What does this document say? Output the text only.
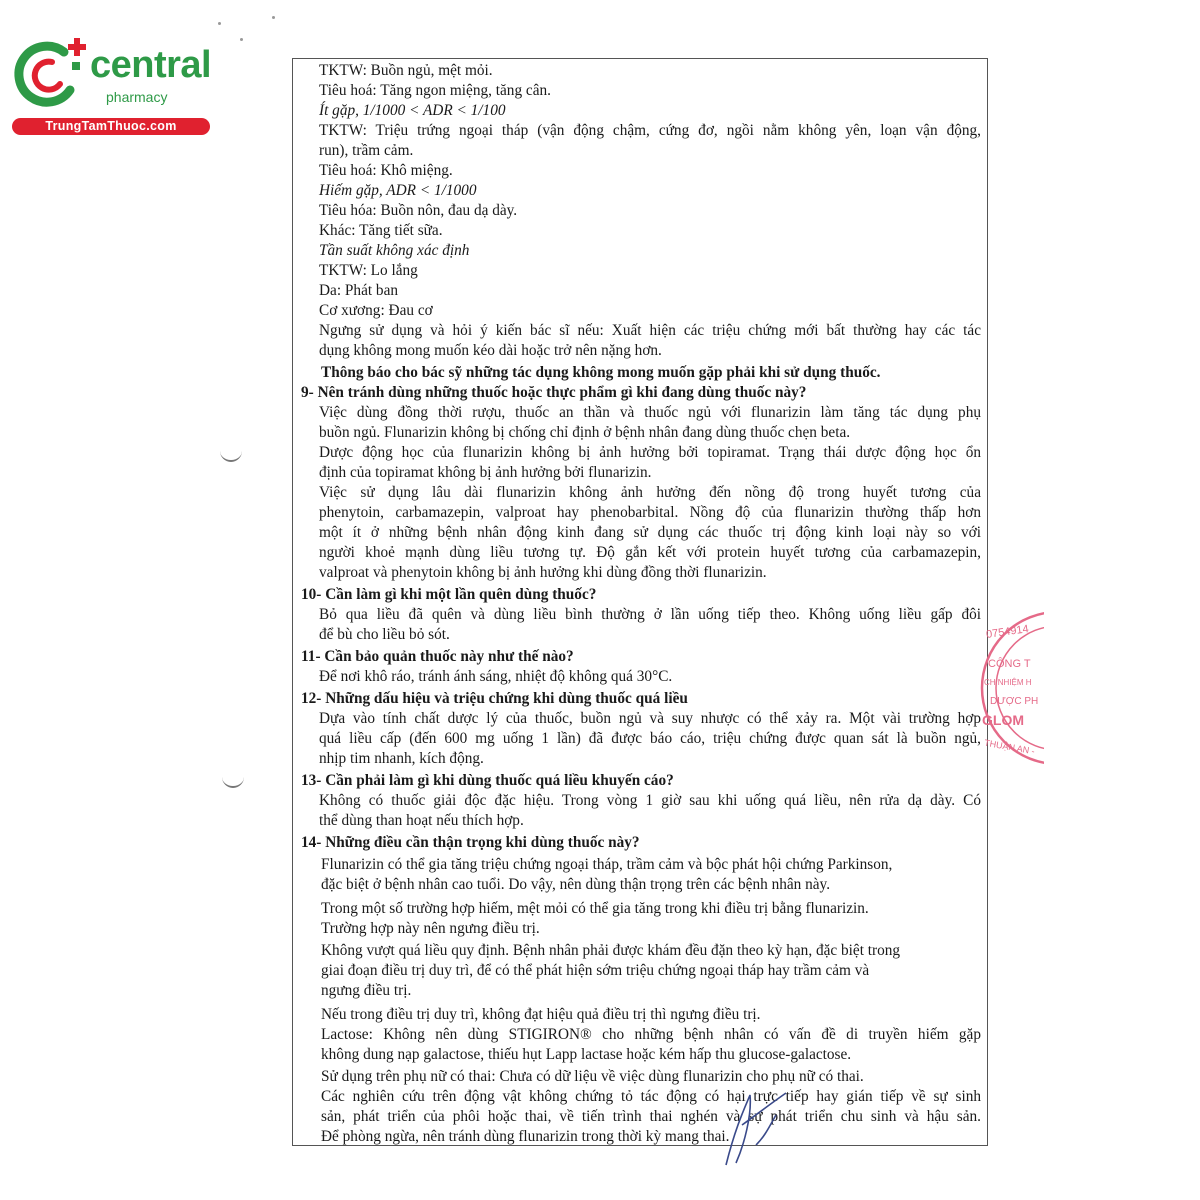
central
pharmacy
TrungTamThuoc.com
TKTW: Buồn ngủ, mệt mỏi.
Tiêu hoá: Tăng ngon miệng, tăng cân.
Ít gặp, 1/1000 < ADR < 1/100
TKTW: Triệu trứng ngoại tháp (vận động chậm, cứng đơ, ngồi nằm không yên, loạn vận động,
run), trầm cảm.
Tiêu hoá: Khô miệng.
Hiếm gặp, ADR < 1/1000
Tiêu hóa: Buồn nôn, đau dạ dày.
Khác: Tăng tiết sữa.
Tần suất không xác định
TKTW: Lo lắng
Da: Phát ban
Cơ xương: Đau cơ
Ngưng sử dụng và hỏi ý kiến bác sĩ nếu: Xuất hiện các triệu chứng mới bất thường hay các tác
dụng không mong muốn kéo dài hoặc trở nên nặng hơn.
Thông báo cho bác sỹ những tác dụng không mong muốn gặp phải khi sử dụng thuốc.
9- Nên tránh dùng những thuốc hoặc thực phẩm gì khi đang dùng thuốc này?
Việc dùng đồng thời rượu, thuốc an thần và thuốc ngủ với flunarizin làm tăng tác dụng phụ
buồn ngủ. Flunarizin không bị chống chỉ định ở bệnh nhân đang dùng thuốc chẹn beta.
Dược động học của flunarizin không bị ảnh hưởng bởi topiramat. Trạng thái dược động học ổn
định của topiramat không bị ảnh hưởng bởi flunarizin.
Việc sử dụng lâu dài flunarizin không ảnh hưởng đến nồng độ trong huyết tương của
phenytoin, carbamazepin, valproat hay phenobarbital. Nồng độ của flunarizin thường thấp hơn
một ít ở những bệnh nhân động kinh đang sử dụng các thuốc trị động kinh loại này so với
người khoẻ mạnh dùng liều tương tự. Độ gắn kết với protein huyết tương của carbamazepin,
valproat và phenytoin không bị ảnh hưởng khi dùng đồng thời flunarizin.
10- Cần làm gì khi một lần quên dùng thuốc?
Bỏ qua liều đã quên và dùng liều bình thường ở lần uống tiếp theo. Không uống liều gấp đôi
để bù cho liều bỏ sót.
11- Cần bảo quản thuốc này như thế nào?
Để nơi khô ráo, tránh ánh sáng, nhiệt độ không quá 30°C.
12- Những dấu hiệu và triệu chứng khi dùng thuốc quá liều
Dựa vào tính chất dược lý của thuốc, buồn ngủ và suy nhược có thể xảy ra. Một vài trường hợp
quá liều cấp (đến 600 mg uống 1 lần) đã được báo cáo, triệu chứng được quan sát là buồn ngủ,
nhịp tim nhanh, kích động.
13- Cần phải làm gì khi dùng thuốc quá liều khuyến cáo?
Không có thuốc giải độc đặc hiệu. Trong vòng 1 giờ sau khi uống quá liều, nên rửa dạ dày. Có
thể dùng than hoạt nếu thích hợp.
14- Những điều cần thận trọng khi dùng thuốc này?
Flunarizin có thể gia tăng triệu chứng ngoại tháp, trầm cảm và bộc phát hội chứng Parkinson,
đặc biệt ở bệnh nhân cao tuổi. Do vậy, nên dùng thận trọng trên các bệnh nhân này.
Trong một số trường hợp hiếm, mệt mỏi có thể gia tăng trong khi điều trị bằng flunarizin.
Trường hợp này nên ngưng điều trị.
Không vượt quá liều quy định. Bệnh nhân phải được khám đều đặn theo kỳ hạn, đặc biệt trong
giai đoạn điều trị duy trì, để có thể phát hiện sớm triệu chứng ngoại tháp hay trầm cảm và
ngưng điều trị.
Nếu trong điều trị duy trì, không đạt hiệu quả điều trị thì ngưng điều trị.
Lactose: Không nên dùng STIGIRON® cho những bệnh nhân có vấn đề di truyền hiếm gặp
không dung nạp galactose, thiếu hụt Lapp lactase hoặc kém hấp thu glucose-galactose.
Sử dụng trên phụ nữ có thai: Chưa có dữ liệu về việc dùng flunarizin cho phụ nữ có thai.
Các nghiên cứu trên động vật không chứng tỏ tác động có hại trực tiếp hay gián tiếp về sự sinh
sản, phát triển của phôi hoặc thai, về tiến trình thai nghén và sự phát triển chu sinh và hậu sản.
Để phòng ngừa, nên tránh dùng flunarizin trong thời kỳ mang thai.
0754914
CÔNG T
CH NHIỆM H
DƯỢC PH
GLOM
THUẬN AN -
